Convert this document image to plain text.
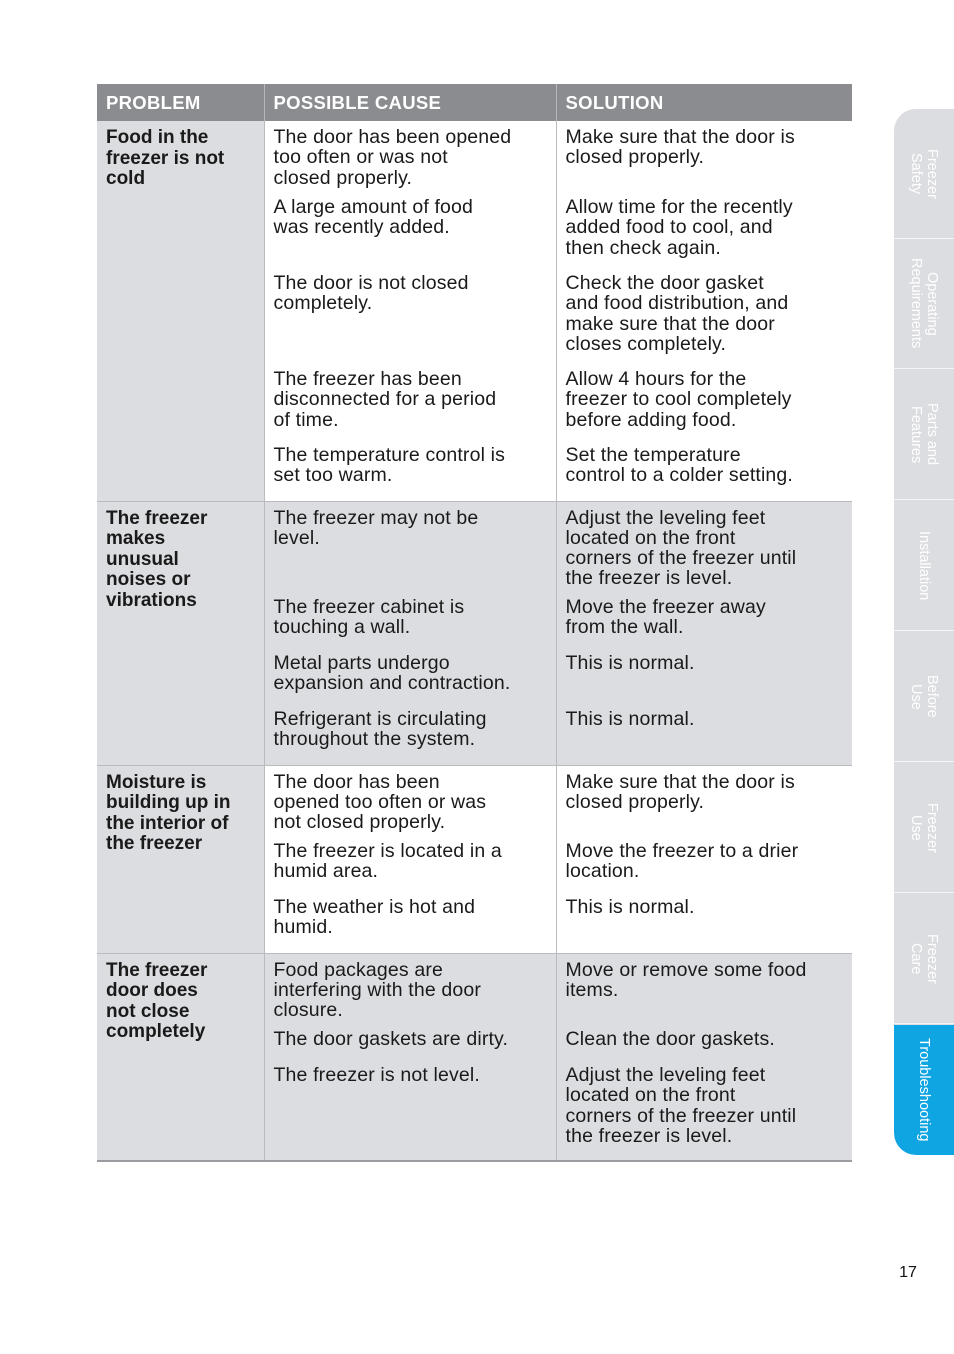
PROBLEM	POSSIBLE CAUSE	SOLUTION

Food in the
freezer is not
cold	The door has been opened
too often or was not
closed properly.	Make sure that the door is
closed properly.

	A large amount of food
was recently added.	Allow time for the recently
added food to cool, and
then check again.

	The door is not closed
completely.	Check the door gasket
and food distribution, and
make sure that the door
closes completely.

	The freezer has been
disconnected for a period
of time.	Allow 4 hours for the
freezer to cool completely
before adding food.

	The temperature control is
set too warm.	Set the temperature
control to a colder setting.

The freezer
makes
unusual
noises or
vibrations	The freezer may not be
level.	Adjust the leveling feet
located on the front
corners of the freezer until
the freezer is level.

	The freezer cabinet is
touching a wall.	Move the freezer away
from the wall.

	Metal parts undergo
expansion and contraction.	This is normal.

	Refrigerant is circulating
throughout the system.	This is normal.

Moisture is
building up in
the interior of
the freezer	The door has been
opened too often or was
not closed properly.	Make sure that the door is
closed properly.

	The freezer is located in a
humid area.	Move the freezer to a drier
location.

	The weather is hot and
humid.	This is normal.

The freezer
door does
not close
completely	Food packages are
interfering with the door
closure.	Move or remove some food
items.

	The door gaskets are dirty.	Clean the door gaskets.

	The freezer is not level.	Adjust the leveling feet
located on the front
corners of the freezer until
the freezer is level.
Freezer
Safety
Operating
Requirements
Parts and
Features
Installation
Before
Use
Freezer
Use
Freezer
Care
Troubleshooting
17
